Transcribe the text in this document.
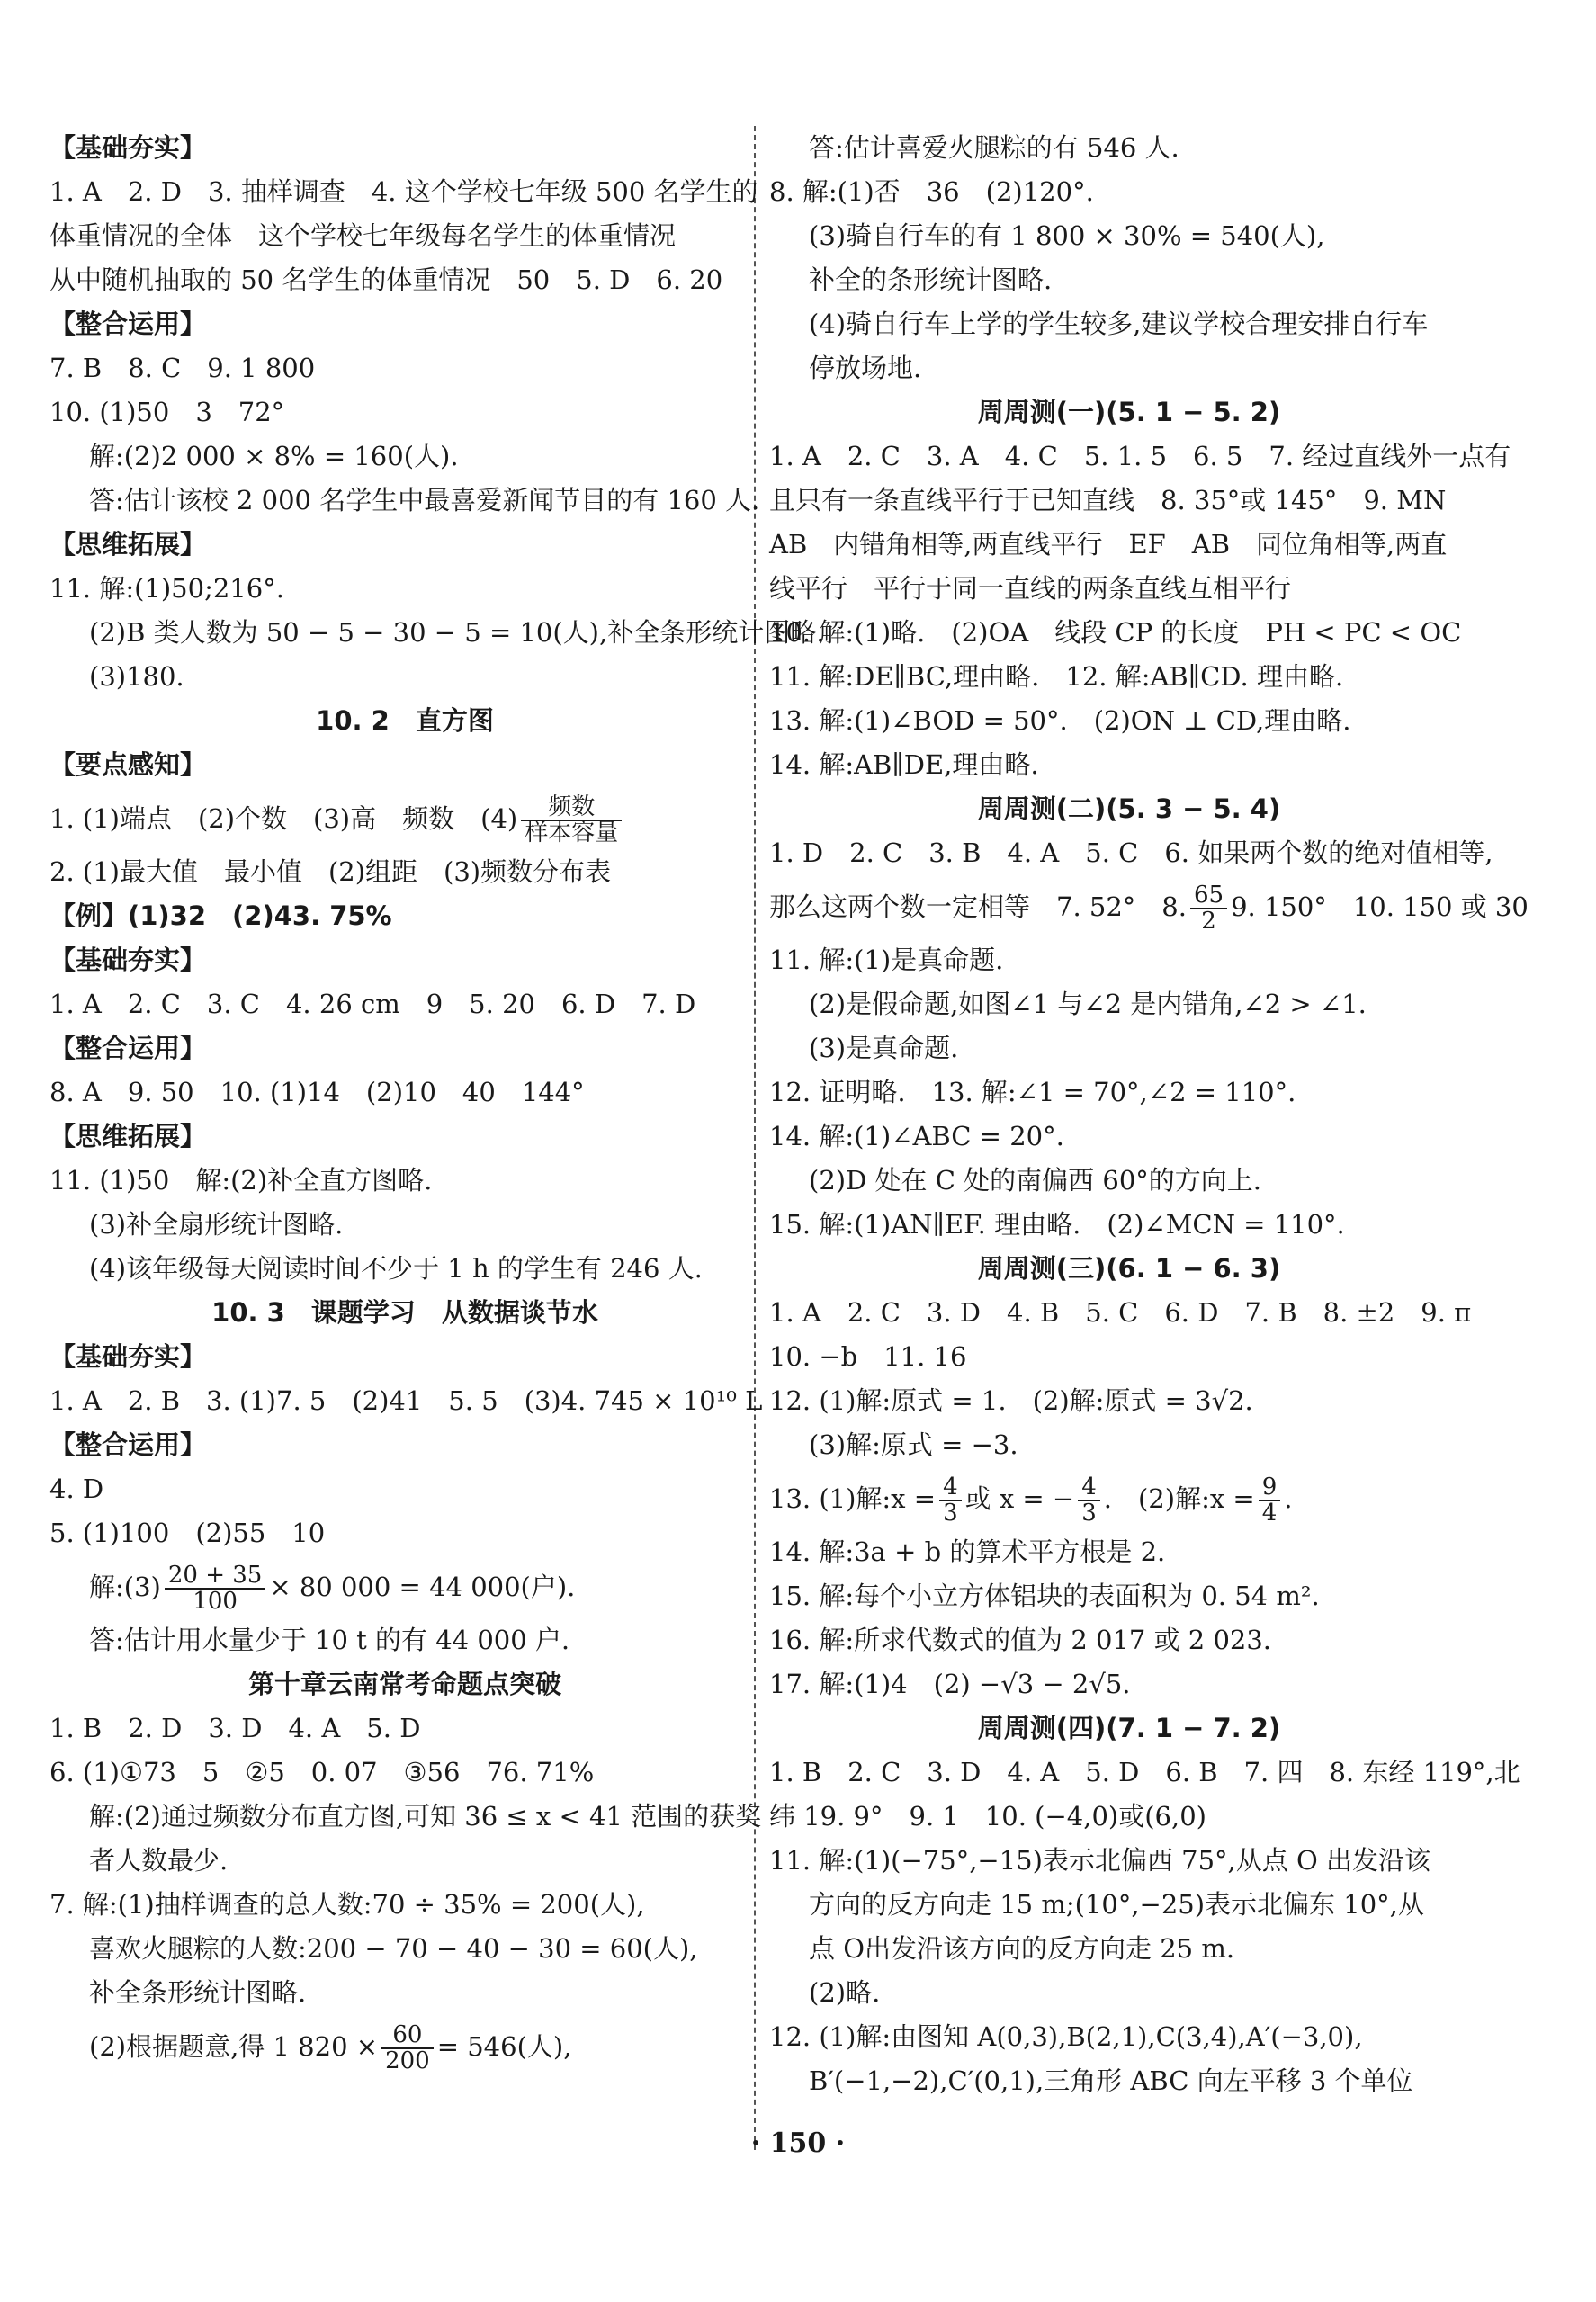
【基础夯实】
1. A　2. D　3. 抽样调查　4. 这个学校七年级 500 名学生的
体重情况的全体　这个学校七年级每名学生的体重情况
从中随机抽取的 50 名学生的体重情况　50　5. D　6. 20
【整合运用】
7. B　8. C　9. 1 800
10. (1)50　3　72°
解:(2)2 000 × 8% = 160(人).
答:估计该校 2 000 名学生中最喜爱新闻节目的有 160 人.
【思维拓展】
11. 解:(1)50;216°.
(2)B 类人数为 50 − 5 − 30 − 5 = 10(人),补全条形统计图略.
(3)180.
10. 2　直方图
【要点感知】
1. (1)端点　(2)个数　(3)高　频数　$(4) \frac{\text{频数}}{\text{样本容量}}$
2. (1)最大值　最小值　(2)组距　(3)频数分布表
【例】(1)32　(2)43. 75%
【基础夯实】
1. A　2. C　3. C　4. 26 cm　9　5. 20　6. D　7. D
【整合运用】
8. A　9. 50　10. (1)14　(2)10　40　144°
【思维拓展】
11. (1)50　解:(2)补全直方图略.
(3)补全扇形统计图略.
(4)该年级每天阅读时间不少于 1 h 的学生有 246 人.
10. 3　课题学习　从数据谈节水
【基础夯实】
1. A　2. B　3. (1)7. 5　(2)41　5. 5　(3)4. 745 × 10¹⁰ L
【整合运用】
4. D
5. (1)100　(2)55　10
解:(3) $\frac{20 + 35}{100} \times 80$ 000 = 44 000(户).
答:估计用水量少于 10 t 的有 44 000 户.
第十章云南常考命题点突破
1. B　2. D　3. D　4. A　5. D
6. (1)①73　5　②5　0. 07　③56　76. 71%
解:(2)通过频数分布直方图,可知 36 ≤ x < 41 范围的获奖
者人数最少.
7. 解:(1)抽样调查的总人数:70 ÷ 35% = 200(人),
喜欢火腿粽的人数:200 − 70 − 40 − 30 = 60(人),
补全条形统计图略.
(2)根据题意,得 1 $820 \times \frac{60}{200} = 546$(人),
答:估计喜爱火腿粽的有 546 人.
8. 解:(1)否　36　(2)120°.
(3)骑自行车的有 1 800 × 30% = 540(人),
补全的条形统计图略.
(4)骑自行车上学的学生较多,建议学校合理安排自行车
停放场地.
周周测(一)(5. 1 − 5. 2)
1. A　2. C　3. A　4. C　5. 1. 5　6. 5　7. 经过直线外一点有
且只有一条直线平行于已知直线　8. 35°或 145°　9. MN
AB　内错角相等,两直线平行　EF　AB　同位角相等,两直
线平行　平行于同一直线的两条直线互相平行
10. 解:(1)略.　(2)OA　线段 CP 的长度　PH < PC < OC
11. 解:DE∥BC,理由略.　12. 解:AB∥CD. 理由略.
13. 解:(1)∠BOD = 50°.　(2)ON ⊥ CD,理由略.
14. 解:AB∥DE,理由略.
周周测(二)(5. 3 − 5. 4)
1. D　2. C　3. B　4. A　5. C　6. 如果两个数的绝对值相等,
那么这两个数一定相等　7. 52°　8. $\frac{65}{2} 9$. 150°　10. 150 或 30
11. 解:(1)是真命题.
(2)是假命题,如图∠1 与∠2 是内错角,∠2 > ∠1.
(3)是真命题.
12. 证明略.　13. 解:∠1 = 70°,∠2 = 110°.
14. 解:(1)∠ABC = 20°.
(2)D 处在 C 处的南偏西 60°的方向上.
15. 解:(1)AN∥EF. 理由略.　(2)∠MCN = 110°.
周周测(三)(6. 1 − 6. 3)
1. A　2. C　3. D　4. B　5. C　6. D　7. B　8. ±2　9. π
10. −b　11. 16
12. (1)解:原式 = 1.　(2)解:原式 = 3√2.
(3)解:原式 = −3.
13. (1)解:x = $\frac{4}{3}$ 或 x = − $\frac{4}{3}$ .　(2)解:x = $\frac{9}{4}$ .
14. 解:3a + b 的算术平方根是 2.
15. 解:每个小立方体铝块的表面积为 0. 54 m².
16. 解:所求代数式的值为 2 017 或 2 023.
17. 解:(1)4　(2) −√3 − 2√5.
周周测(四)(7. 1 − 7. 2)
1. B　2. C　3. D　4. A　5. D　6. B　7. 四　8. 东经 119°,北
纬 19. 9°　9. 1　10. (−4,0)或(6,0)
11. 解:(1)(−75°,−15)表示北偏西 75°,从点 O 出发沿该
方向的反方向走 15 m;(10°,−25)表示北偏东 10°,从
点 O出发沿该方向的反方向走 25 m.
(2)略.
12. (1)解:由图知 A(0,3),B(2,1),C(3,4),A′(−3,0),
B′(−1,−2),C′(0,1),三角形 ABC 向左平移 3 个单位
· 150 ·
